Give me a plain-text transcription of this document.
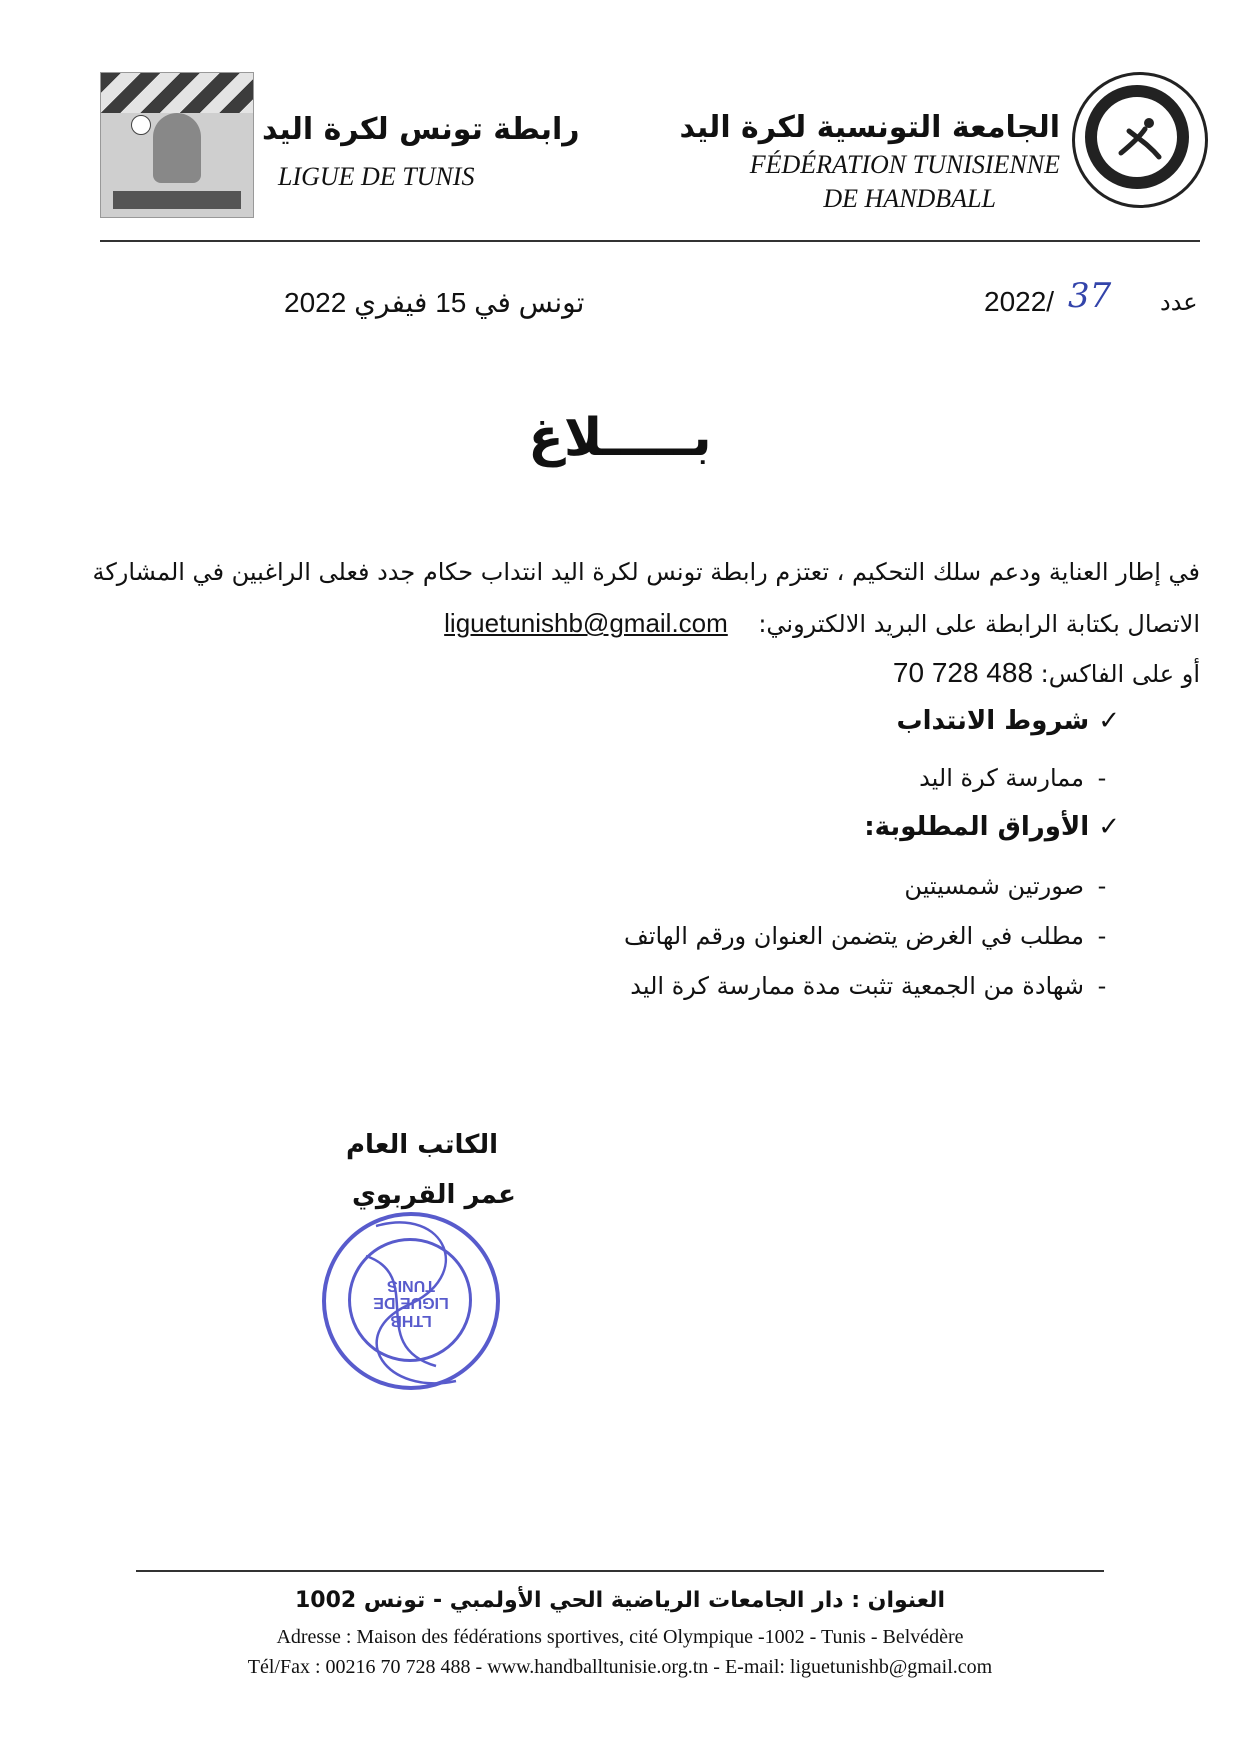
رابطة تونس لكرة اليد
LIGUE DE TUNIS
الجامعة التونسية لكرة اليد
FÉDÉRATION TUNISIENNE
DE HANDBALL
تونس في 15 فيفري 2022	2022/ 37 عدد
بـــــلاغ
في إطار العناية ودعم سلك التحكيم ، تعتزم رابطة تونس لكرة اليد انتداب حكام جدد فعلى الراغبين في المشاركة
الاتصال بكتابة الرابطة على البريد الالكتروني:    liguetunishb@gmail.com
أو على الفاكس: 70 728 488
✓ شروط الانتداب
-ممارسة كرة اليد
✓ الأوراق المطلوبة:
-صورتين شمسيتين
-مطلب في الغرض يتضمن العنوان ورقم الهاتف
-شهادة من الجمعية تثبت مدة ممارسة كرة اليد
الكاتب العام
عمر القربوي
LTHB LIGUE DE TUNIS
العنوان : دار الجامعات الرياضية الحي الأولمبي - تونس 1002
Adresse : Maison des fédérations sportives, cité Olympique -1002 - Tunis - Belvédère
Tél/Fax : 00216 70 728 488 - www.handballtunisie.org.tn - E-mail: liguetunishb@gmail.com
